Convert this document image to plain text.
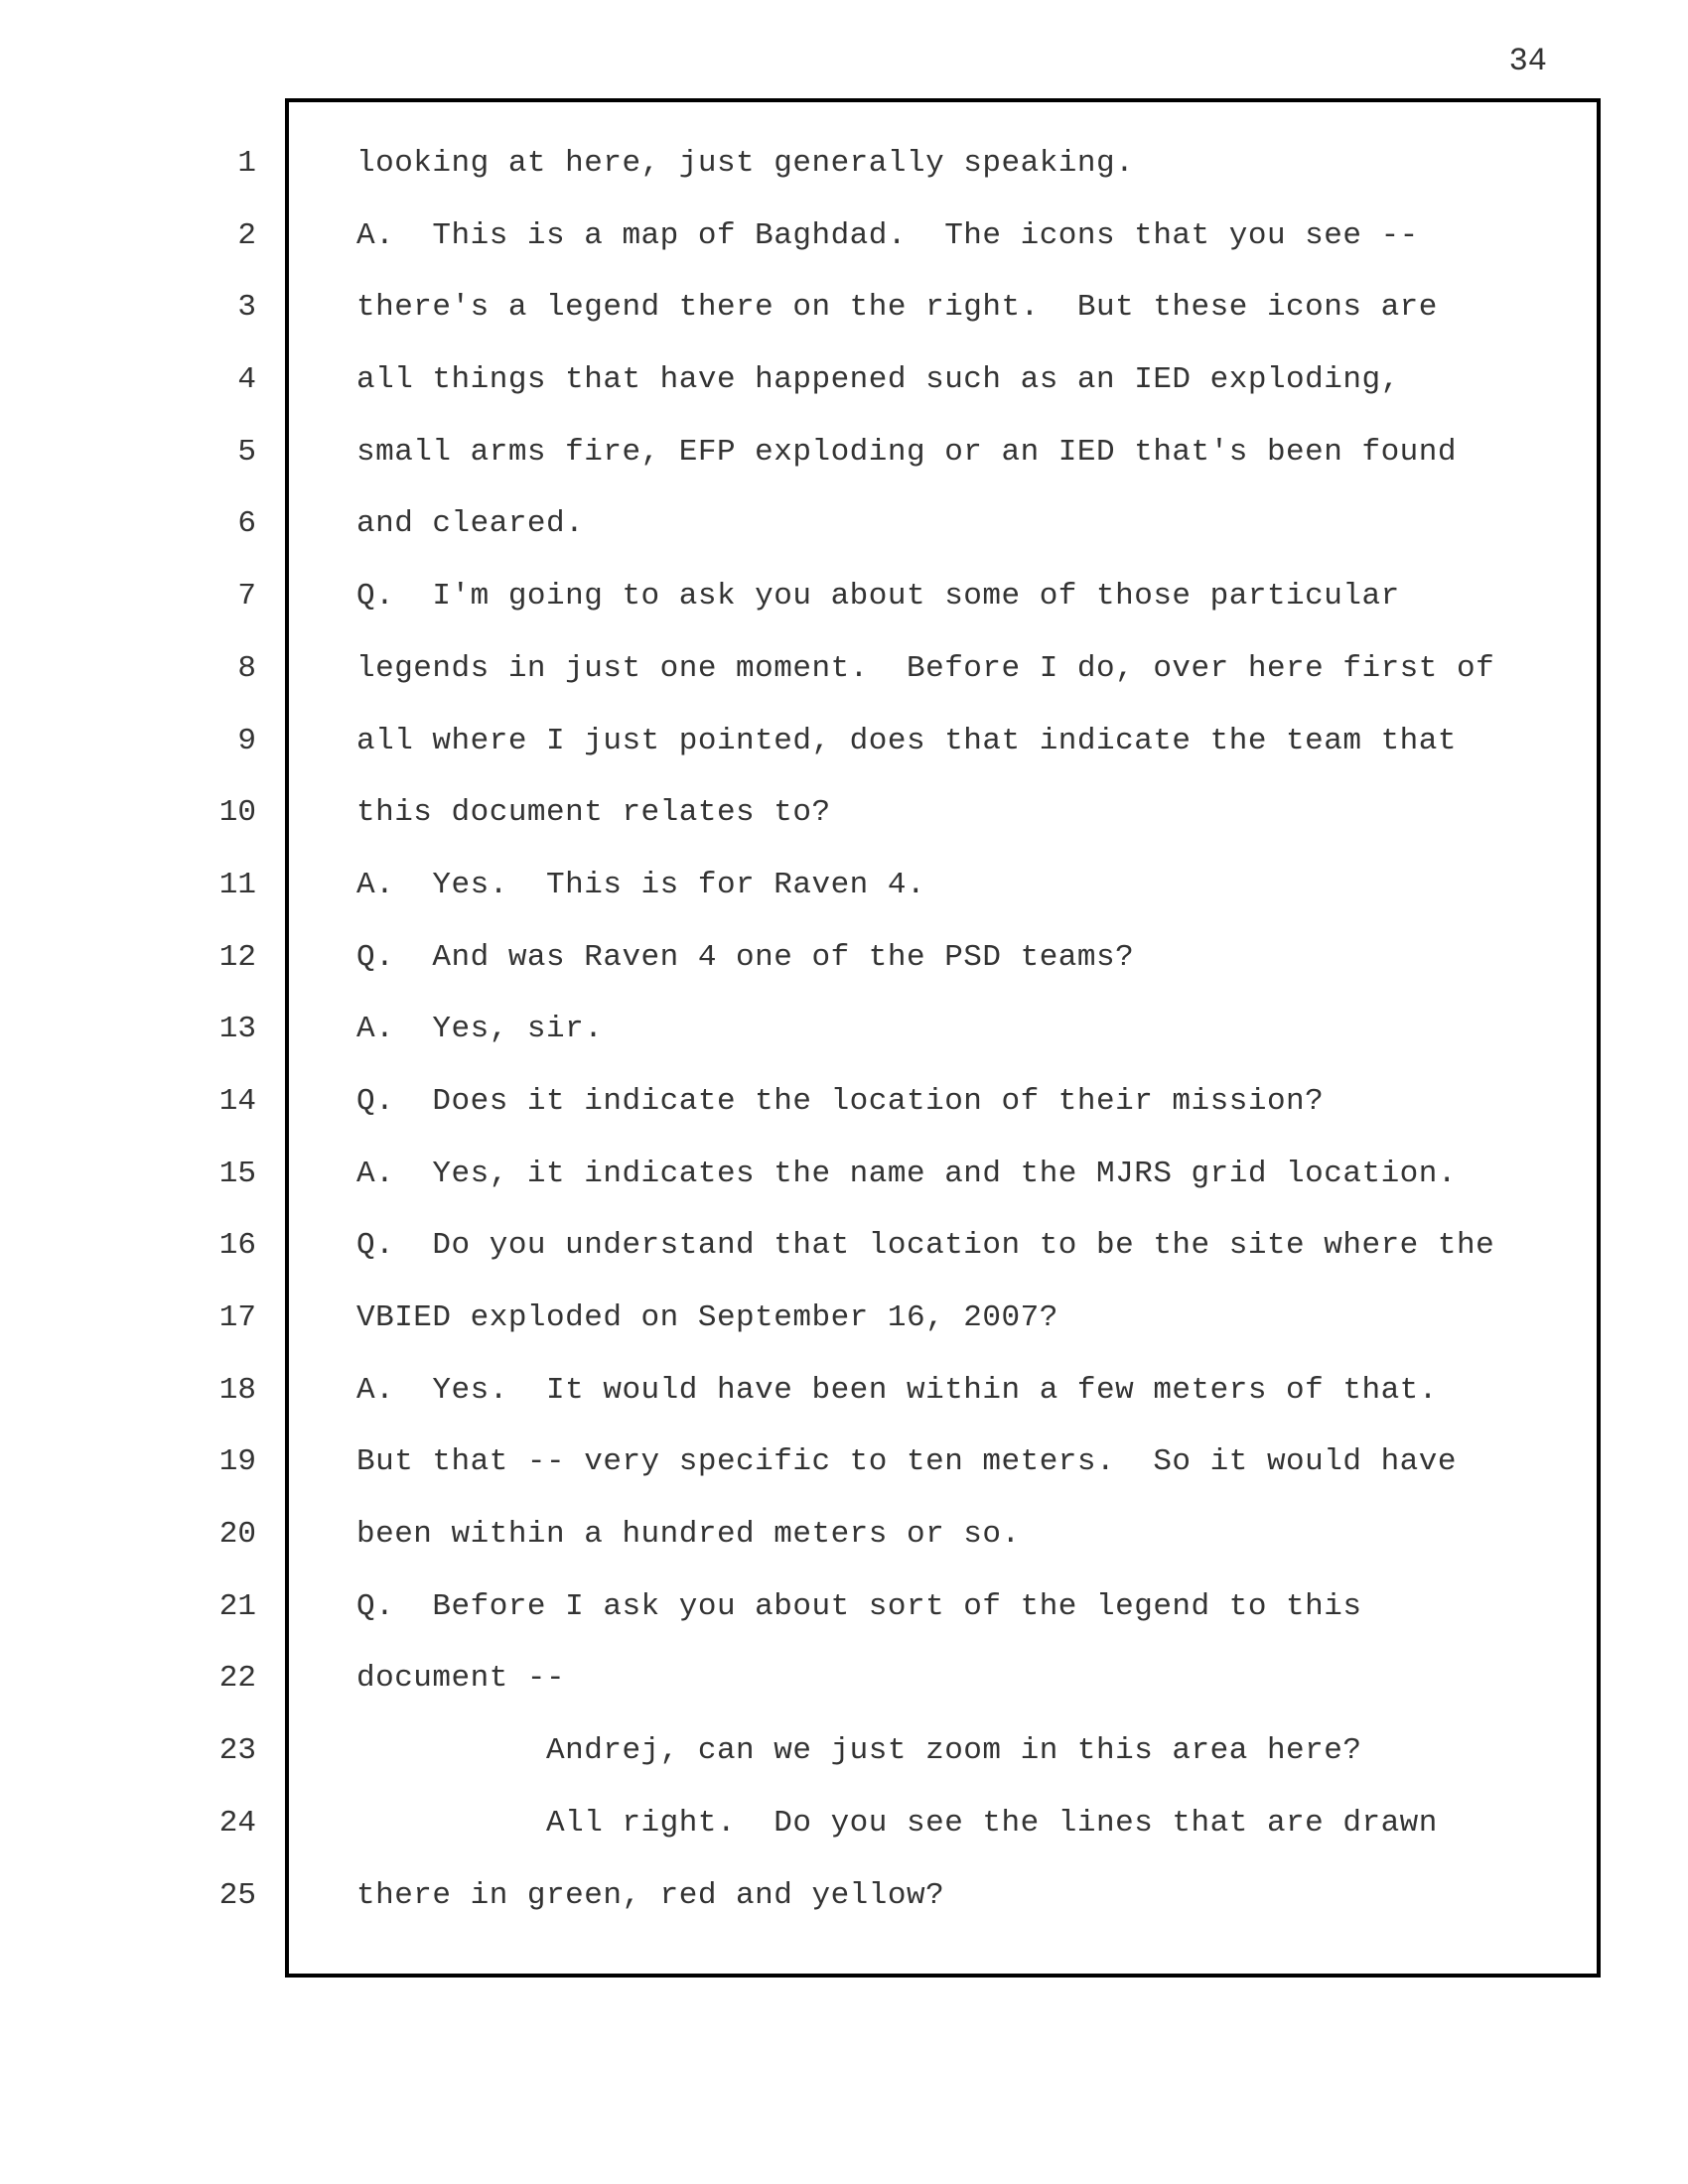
34
1	looking at here, just generally speaking.
2	A.  This is a map of Baghdad.  The icons that you see --
3	there's a legend there on the right.  But these icons are
4	all things that have happened such as an IED exploding,
5	small arms fire, EFP exploding or an IED that's been found
6	and cleared.
7	Q.  I'm going to ask you about some of those particular
8	legends in just one moment.  Before I do, over here first of
9	all where I just pointed, does that indicate the team that
10	this document relates to?
11	A.  Yes.  This is for Raven 4.
12	Q.  And was Raven 4 one of the PSD teams?
13	A.  Yes, sir.
14	Q.  Does it indicate the location of their mission?
15	A.  Yes, it indicates the name and the MJRS grid location.
16	Q.  Do you understand that location to be the site where the
17	VBIED exploded on September 16, 2007?
18	A.  Yes.  It would have been within a few meters of that.
19	But that -- very specific to ten meters.  So it would have
20	been within a hundred meters or so.
21	Q.  Before I ask you about sort of the legend to this
22	document --
23	Andrej, can we just zoom in this area here?
24	All right.  Do you see the lines that are drawn
25	there in green, red and yellow?
